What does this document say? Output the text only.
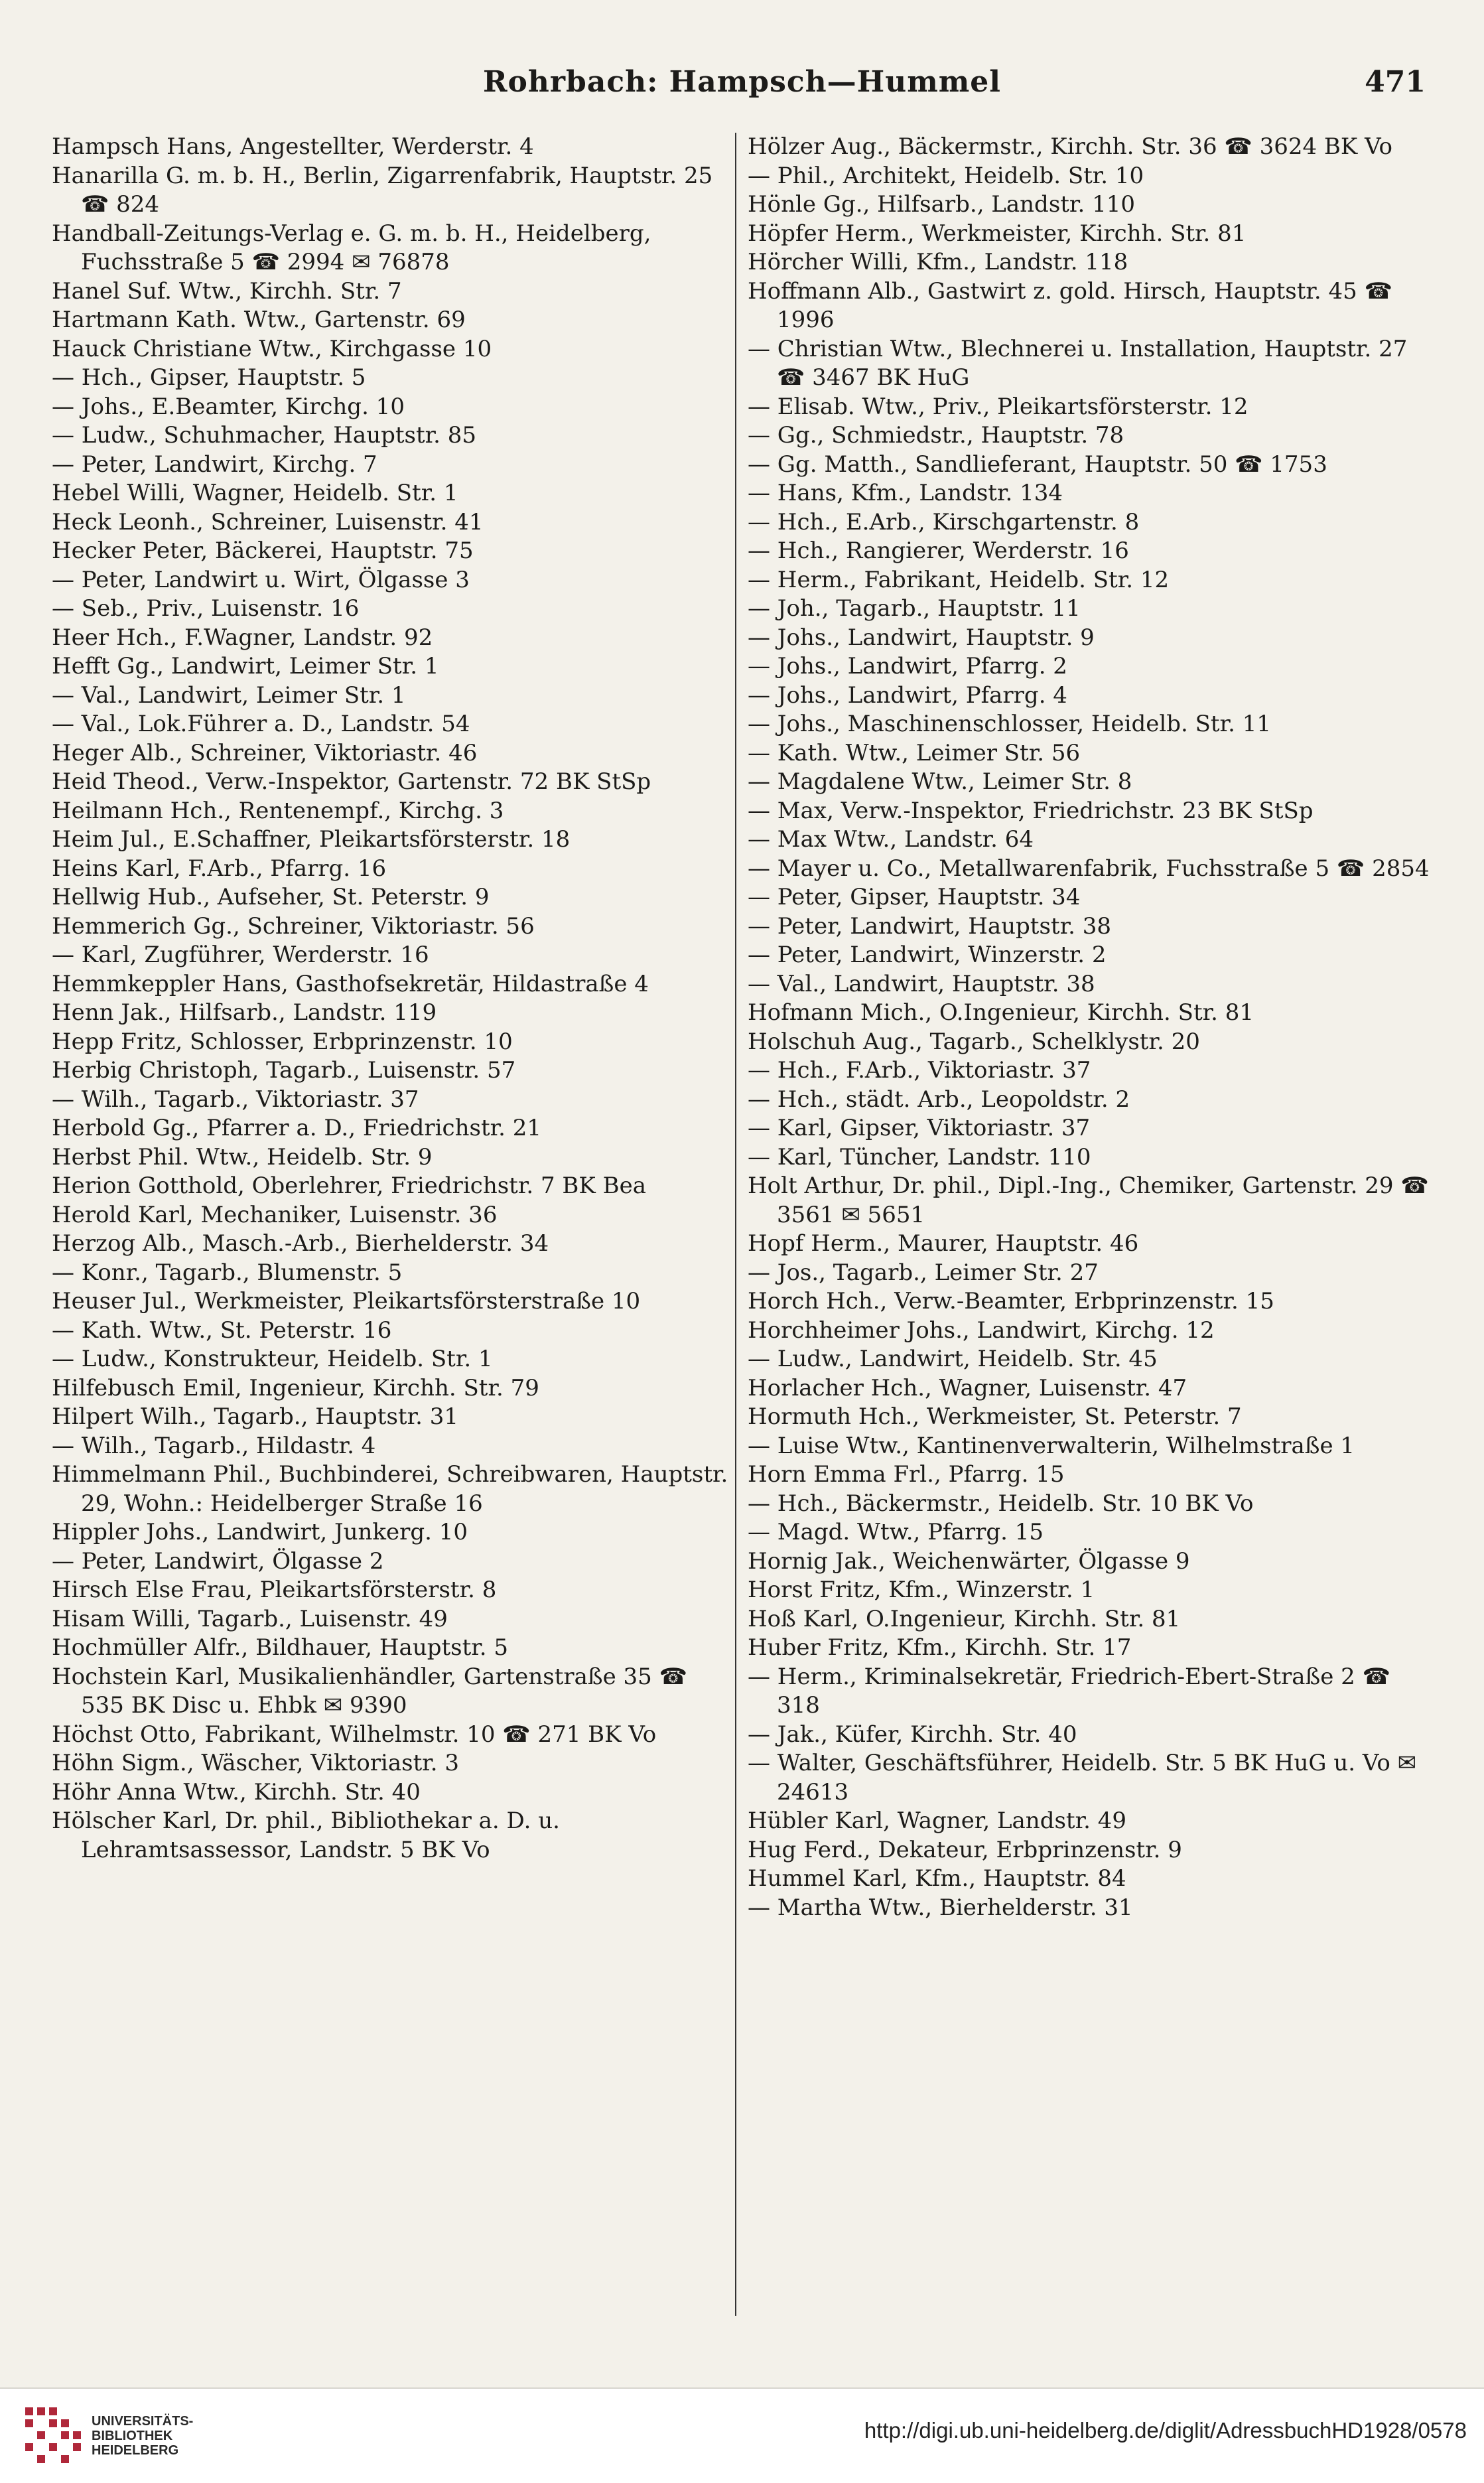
Rohrbach: Hampsch—Hummel	471

Hampsch Hans, Angestellter, Werderstr. 4

Hanarilla G. m. b. H., Berlin, Zigarrenfabrik, Hauptstr. 25 ☎ 824

Handball-Zeitungs-Verlag e. G. m. b. H., Heidelberg, Fuchsstraße 5 ☎ 2994 ✉ 76878

Hanel Suf. Wtw., Kirchh. Str. 7

Hartmann Kath. Wtw., Gartenstr. 69

Hauck Christiane Wtw., Kirchgasse 10

— Hch., Gipser, Hauptstr. 5

— Johs., E.Beamter, Kirchg. 10

— Ludw., Schuhmacher, Hauptstr. 85

— Peter, Landwirt, Kirchg. 7

Hebel Willi, Wagner, Heidelb. Str. 1

Heck Leonh., Schreiner, Luisenstr. 41

Hecker Peter, Bäckerei, Hauptstr. 75

— Peter, Landwirt u. Wirt, Ölgasse 3

— Seb., Priv., Luisenstr. 16

Heer Hch., F.Wagner, Landstr. 92

Hefft Gg., Landwirt, Leimer Str. 1

— Val., Landwirt, Leimer Str. 1

— Val., Lok.Führer a. D., Landstr. 54

Heger Alb., Schreiner, Viktoriastr. 46

Heid Theod., Verw.-Inspektor, Gartenstr. 72 BK StSp

Heilmann Hch., Rentenempf., Kirchg. 3

Heim Jul., E.Schaffner, Pleikartsförsterstr. 18

Heins Karl, F.Arb., Pfarrg. 16

Hellwig Hub., Aufseher, St. Peterstr. 9

Hemmerich Gg., Schreiner, Viktoriastr. 56

— Karl, Zugführer, Werderstr. 16

Hemmkeppler Hans, Gasthofsekretär, Hildastraße 4

Henn Jak., Hilfsarb., Landstr. 119

Hepp Fritz, Schlosser, Erbprinzenstr. 10

Herbig Christoph, Tagarb., Luisenstr. 57

— Wilh., Tagarb., Viktoriastr. 37

Herbold Gg., Pfarrer a. D., Friedrichstr. 21

Herbst Phil. Wtw., Heidelb. Str. 9

Herion Gotthold, Oberlehrer, Friedrichstr. 7 BK Bea

Herold Karl, Mechaniker, Luisenstr. 36

Herzog Alb., Masch.-Arb., Bierhelderstr. 34

— Konr., Tagarb., Blumenstr. 5

Heuser Jul., Werkmeister, Pleikartsförsterstraße 10

— Kath. Wtw., St. Peterstr. 16

— Ludw., Konstrukteur, Heidelb. Str. 1

Hilfebusch Emil, Ingenieur, Kirchh. Str. 79

Hilpert Wilh., Tagarb., Hauptstr. 31

— Wilh., Tagarb., Hildastr. 4

Himmelmann Phil., Buchbinderei, Schreibwaren, Hauptstr. 29, Wohn.: Heidelberger Straße 16

Hippler Johs., Landwirt, Junkerg. 10

— Peter, Landwirt, Ölgasse 2

Hirsch Else Frau, Pleikartsförsterstr. 8

Hisam Willi, Tagarb., Luisenstr. 49

Hochmüller Alfr., Bildhauer, Hauptstr. 5

Hochstein Karl, Musikalienhändler, Gartenstraße 35 ☎ 535 BK Disc u. Ehbk ✉ 9390

Höchst Otto, Fabrikant, Wilhelmstr. 10 ☎ 271 BK Vo

Höhn Sigm., Wäscher, Viktoriastr. 3

Höhr Anna Wtw., Kirchh. Str. 40

Hölscher Karl, Dr. phil., Bibliothekar a. D. u. Lehramtsassessor, Landstr. 5 BK Vo

Hölzer Aug., Bäckermstr., Kirchh. Str. 36 ☎ 3624 BK Vo

— Phil., Architekt, Heidelb. Str. 10

Hönle Gg., Hilfsarb., Landstr. 110

Höpfer Herm., Werkmeister, Kirchh. Str. 81

Hörcher Willi, Kfm., Landstr. 118

Hoffmann Alb., Gastwirt z. gold. Hirsch, Hauptstr. 45 ☎ 1996

— Christian Wtw., Blechnerei u. Installation, Hauptstr. 27 ☎ 3467 BK HuG

— Elisab. Wtw., Priv., Pleikartsförsterstr. 12

— Gg., Schmiedstr., Hauptstr. 78

— Gg. Matth., Sandlieferant, Hauptstr. 50 ☎ 1753

— Hans, Kfm., Landstr. 134

— Hch., E.Arb., Kirschgartenstr. 8

— Hch., Rangierer, Werderstr. 16

— Herm., Fabrikant, Heidelb. Str. 12

— Joh., Tagarb., Hauptstr. 11

— Johs., Landwirt, Hauptstr. 9

— Johs., Landwirt, Pfarrg. 2

— Johs., Landwirt, Pfarrg. 4

— Johs., Maschinenschlosser, Heidelb. Str. 11

— Kath. Wtw., Leimer Str. 56

— Magdalene Wtw., Leimer Str. 8

— Max, Verw.-Inspektor, Friedrichstr. 23 BK StSp

— Max Wtw., Landstr. 64

— Mayer u. Co., Metallwarenfabrik, Fuchsstraße 5 ☎ 2854

— Peter, Gipser, Hauptstr. 34

— Peter, Landwirt, Hauptstr. 38

— Peter, Landwirt, Winzerstr. 2

— Val., Landwirt, Hauptstr. 38

Hofmann Mich., O.Ingenieur, Kirchh. Str. 81

Holschuh Aug., Tagarb., Schelklystr. 20

— Hch., F.Arb., Viktoriastr. 37

— Hch., städt. Arb., Leopoldstr. 2

— Karl, Gipser, Viktoriastr. 37

— Karl, Tüncher, Landstr. 110

Holt Arthur, Dr. phil., Dipl.-Ing., Chemiker, Gartenstr. 29 ☎ 3561 ✉ 5651

Hopf Herm., Maurer, Hauptstr. 46

— Jos., Tagarb., Leimer Str. 27

Horch Hch., Verw.-Beamter, Erbprinzenstr. 15

Horchheimer Johs., Landwirt, Kirchg. 12

— Ludw., Landwirt, Heidelb. Str. 45

Horlacher Hch., Wagner, Luisenstr. 47

Hormuth Hch., Werkmeister, St. Peterstr. 7

— Luise Wtw., Kantinenverwalterin, Wilhelmstraße 1

Horn Emma Frl., Pfarrg. 15

— Hch., Bäckermstr., Heidelb. Str. 10 BK Vo

— Magd. Wtw., Pfarrg. 15

Hornig Jak., Weichenwärter, Ölgasse 9

Horst Fritz, Kfm., Winzerstr. 1

Hoß Karl, O.Ingenieur, Kirchh. Str. 81

Huber Fritz, Kfm., Kirchh. Str. 17

— Herm., Kriminalsekretär, Friedrich-Ebert-Straße 2 ☎ 318

— Jak., Küfer, Kirchh. Str. 40

— Walter, Geschäftsführer, Heidelb. Str. 5 BK HuG u. Vo ✉ 24613

Hübler Karl, Wagner, Landstr. 49

Hug Ferd., Dekateur, Erbprinzenstr. 9

Hummel Karl, Kfm., Hauptstr. 84

— Martha Wtw., Bierhelderstr. 31

UNIVERSITÄTS-
BIBLIOTHEK
HEIDELBERG
http://digi.ub.uni-heidelberg.de/diglit/AdressbuchHD1928/0578
